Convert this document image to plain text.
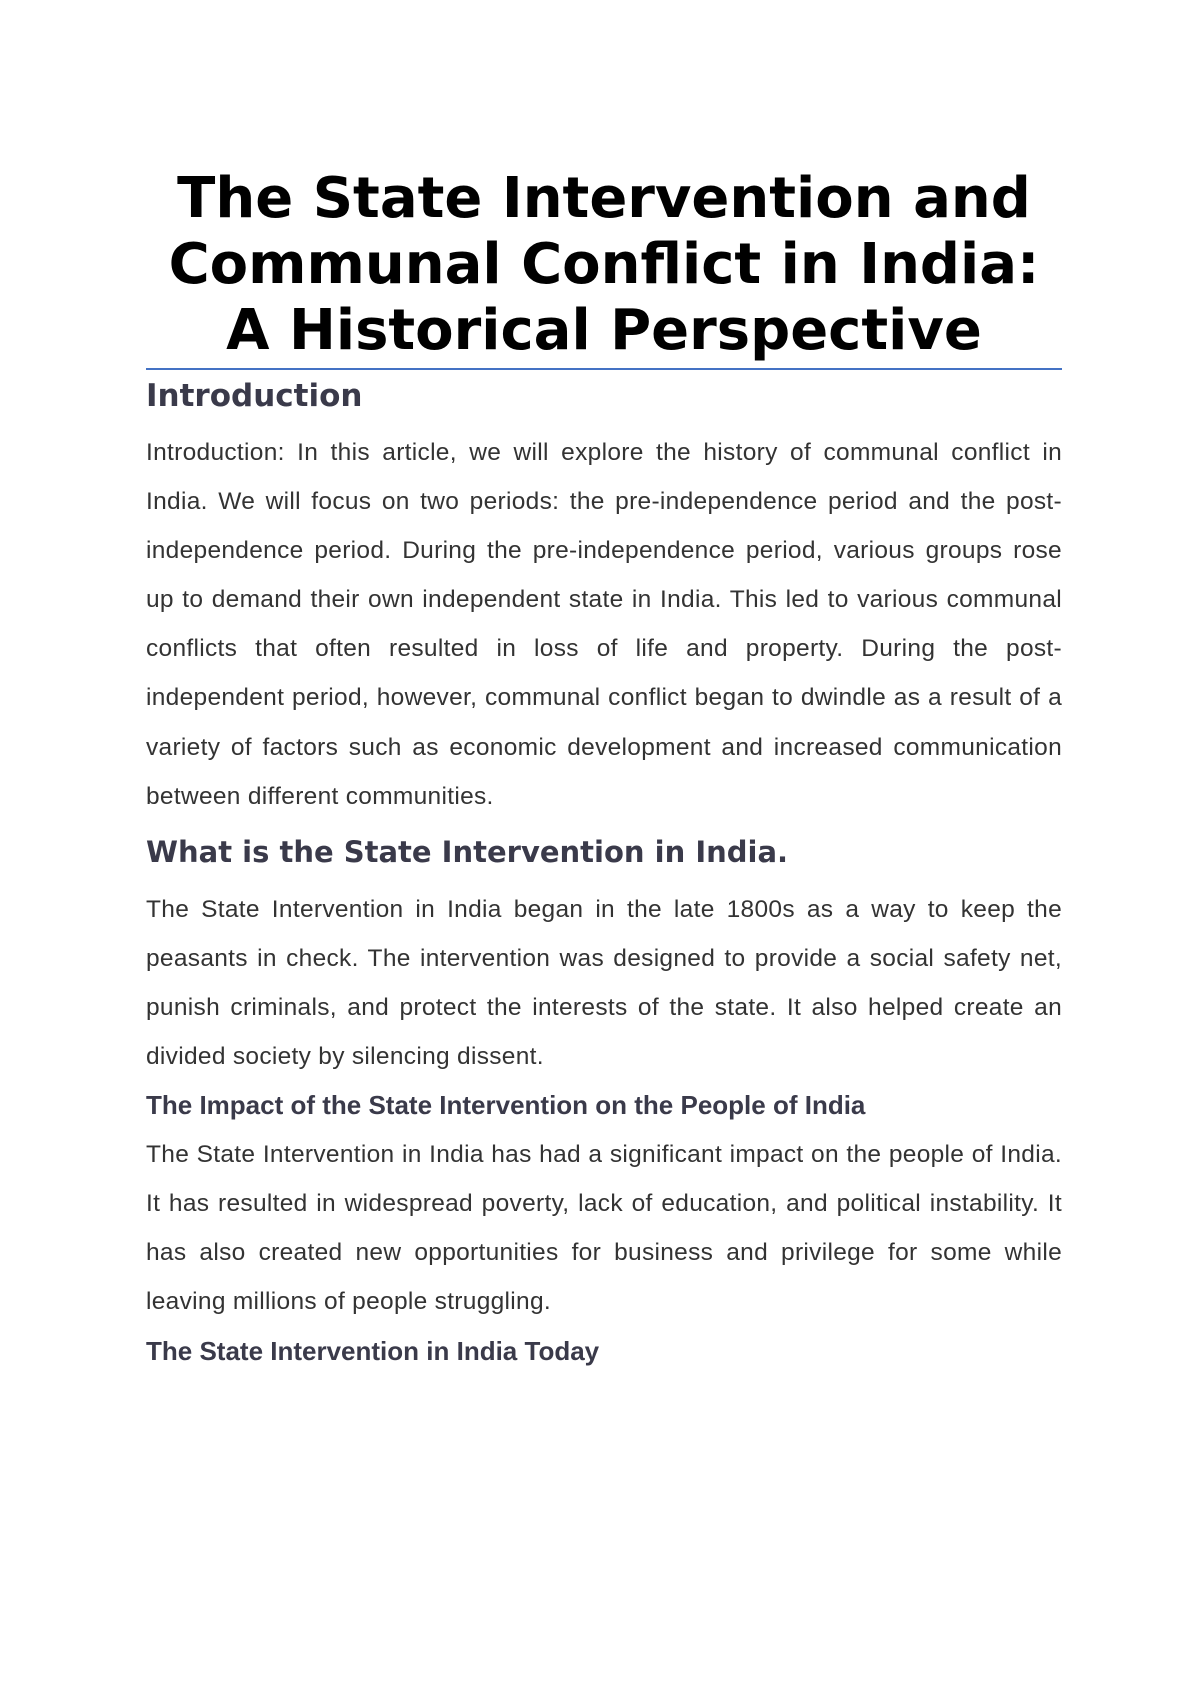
The State Intervention and Communal Conflict in India: A Historical Perspective
Introduction

Introduction: In this article, we will explore the history of communal conflict in India. We will focus on two periods: the pre-independence period and the post-independence period. During the pre-independence period, various groups rose up to demand their own independent state in India. This led to various communal conflicts that often resulted in loss of life and property. During the post-independent period, however, communal conflict began to dwindle as a result of a variety of factors such as economic development and increased communication between different communities.

What is the State Intervention in India.

The State Intervention in India began in the late 1800s as a way to keep the peasants in check. The intervention was designed to provide a social safety net, punish criminals, and protect the interests of the state. It also helped create an divided society by silencing dissent.

The Impact of the State Intervention on the People of India

The State Intervention in India has had a significant impact on the people of India. It has resulted in widespread poverty, lack of education, and political instability. It has also created new opportunities for business and privilege for some while leaving millions of people struggling.

The State Intervention in India Today
